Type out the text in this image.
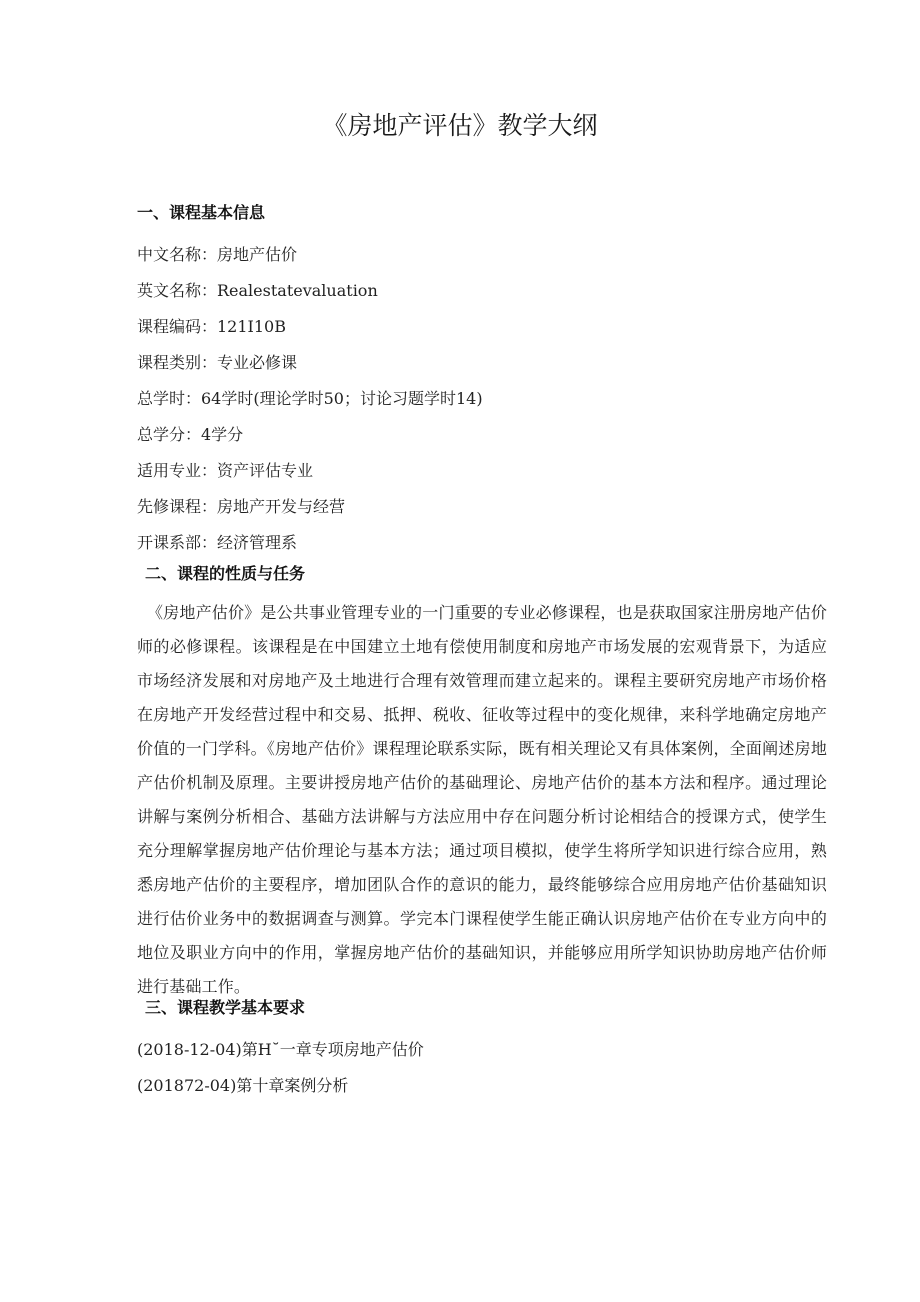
《房地产评估》教学大纲
一、课程基本信息
中文名称：房地产估价
英文名称：Realestatevaluation
课程编码：121I10B
课程类别：专业必修课
总学时：64学时(理论学时50；讨论习题学时14)
总学分：4学分
适用专业：资产评估专业
先修课程：房地产开发与经营
开课系部：经济管理系
二、课程的性质与任务

《房地产估价》是公共事业管理专业的一门重要的专业必修课程，也是获取国家注册房地产估价师的必修课程。该课程是在中国建立土地有偿使用制度和房地产市场发展的宏观背景下，为适应市场经济发展和对房地产及土地进行合理有效管理而建立起来的。课程主要研究房地产市场价格在房地产开发经营过程中和交易、抵押、税收、征收等过程中的变化规律，来科学地确定房地产价值的一门学科。《房地产估价》课程理论联系实际，既有相关理论又有具体案例，全面阐述房地产估价机制及原理。主要讲授房地产估价的基础理论、房地产估价的基本方法和程序。通过理论讲解与案例分析相合、基础方法讲解与方法应用中存在问题分析讨论相结合的授课方式，使学生充分理解掌握房地产估价理论与基本方法；通过项目模拟，使学生将所学知识进行综合应用，熟悉房地产估价的主要程序，增加团队合作的意识的能力，最终能够综合应用房地产估价基础知识进行估价业务中的数据调查与测算。学完本门课程使学生能正确认识房地产估价在专业方向中的地位及职业方向中的作用，掌握房地产估价的基础知识，并能够应用所学知识协助房地产估价师进行基础工作。

三、课程教学基本要求
(2018-12-04)第H˘一章专项房地产估价
(201872-04)第十章案例分析
